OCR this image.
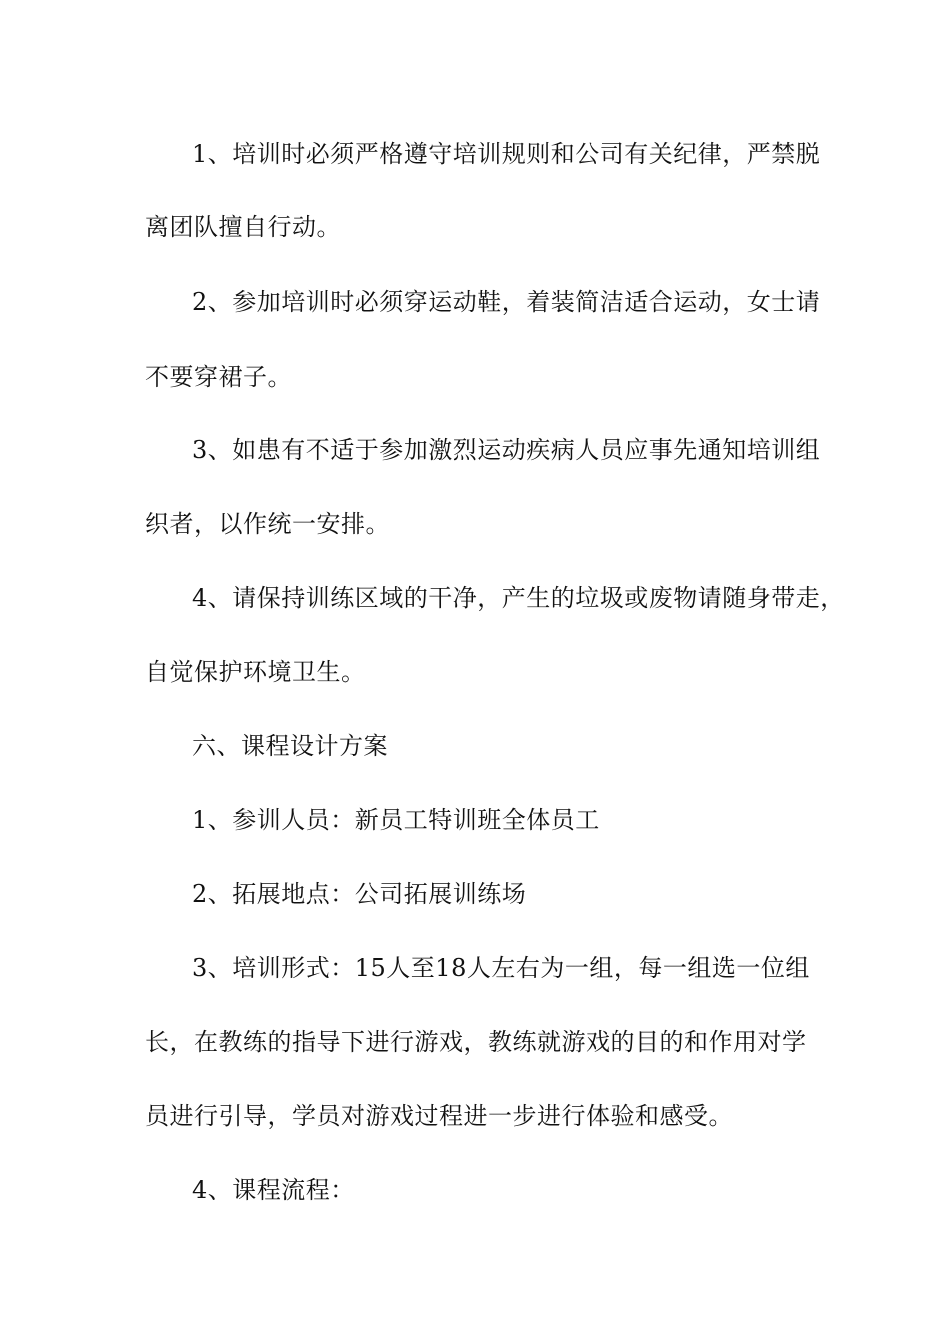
1、培训时必须严格遵守培训规则和公司有关纪律，严禁脱
离团队擅自行动。
2、参加培训时必须穿运动鞋，着装简洁适合运动，女士请
不要穿裙子。
3、如患有不适于参加激烈运动疾病人员应事先通知培训组
织者，以作统一安排。
4、请保持训练区域的干净，产生的垃圾或废物请随身带走，
自觉保护环境卫生。
六、课程设计方案
1、参训人员：新员工特训班全体员工
2、拓展地点：公司拓展训练场
3、培训形式：15人至18人左右为一组，每一组选一位组
长，在教练的指导下进行游戏，教练就游戏的目的和作用对学
员进行引导，学员对游戏过程进一步进行体验和感受。
4、课程流程：
